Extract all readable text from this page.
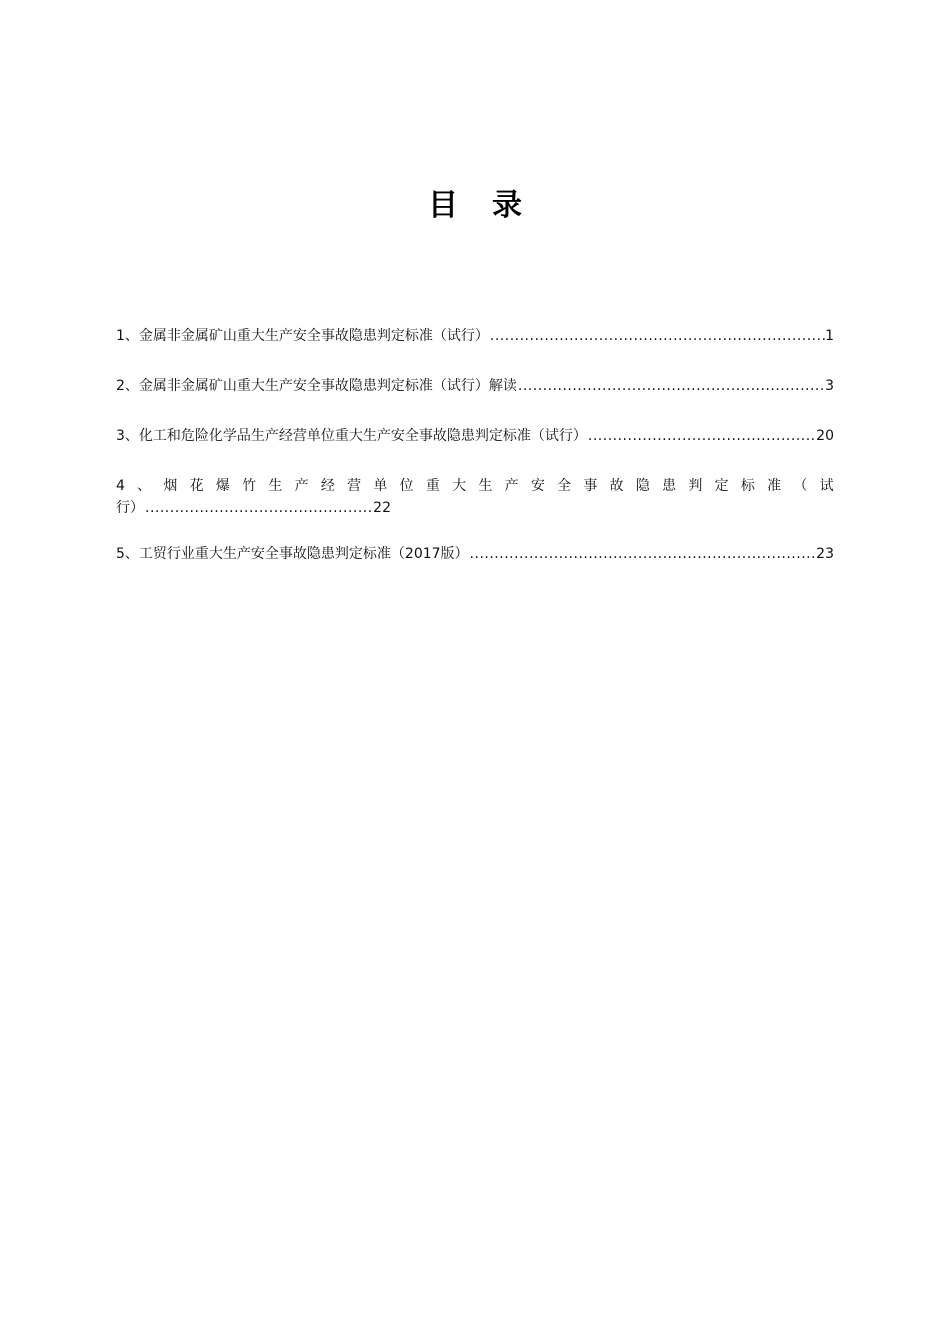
目录
1、金属非金属矿山重大生产安全事故隐患判定标准（试行） .....	1
2、金属非金属矿山重大生产安全事故隐患判定标准（试行）解读 .....	3
3、化工和危险化学品生产经营单位重大生产安全事故隐患判定标准（试行） .....	20
4 、 烟 花 爆 竹 生 产 经 营 单 位 重 大 生 产 安 全 事 故 隐 患 判 定 标 准 （ 试
行） .....	22
5、工贸行业重大生产安全事故隐患判定标准（2017版） .....	23
